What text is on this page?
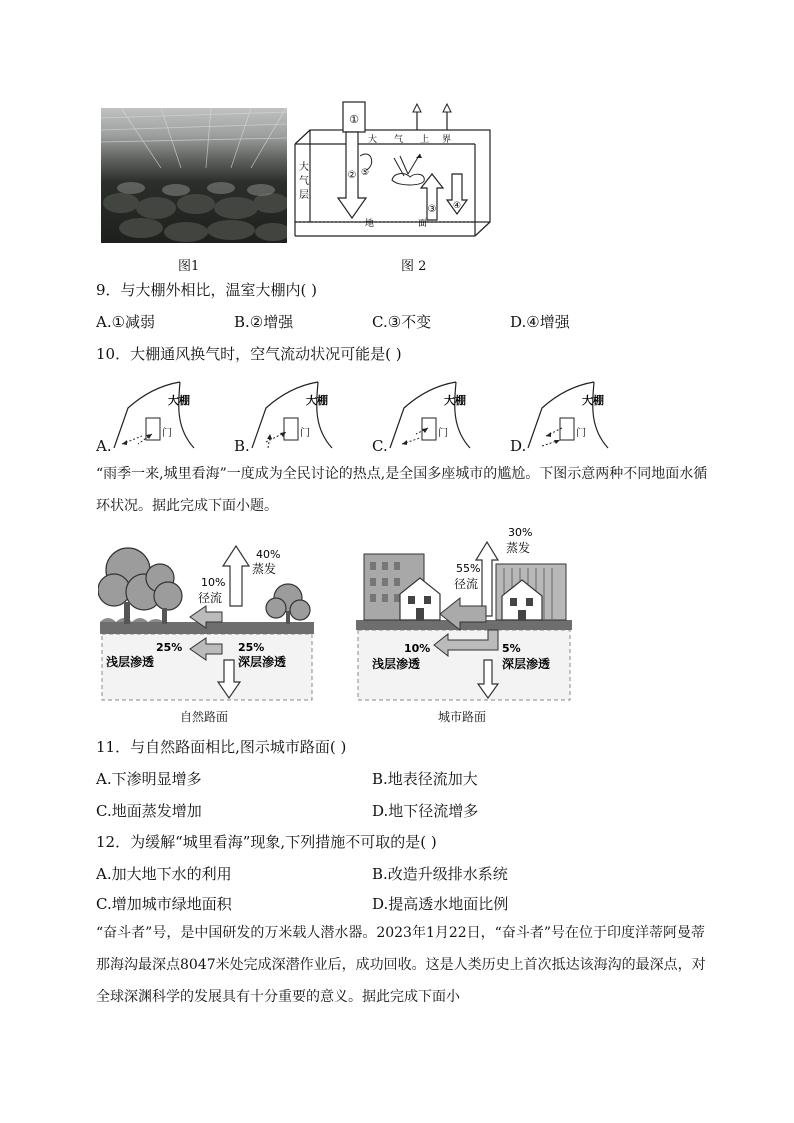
图1
①
大 气 上 界
大
气
层
地	面
② ⑤
③ ④
图 2
9．与大棚外相比，温室大棚内( )
A.①减弱	B.②增强	C.③不变	D.④增强
10．大棚通风换气时，空气流动状况可能是( )
A.
大棚
门
B.
大棚
门
C.
大棚
门
D.
大棚
门
“雨季一来,城里看海”一度成为全民讨论的热点,是全国多座城市的尴尬。下图示意两种不同地面水循环状况。据此完成下面小题。
40%
蒸发
10%
径流
25%
浅层渗透
25%
深层渗透
自然路面
30%
蒸发
55%
径流
10%
浅层渗透
5%
深层渗透
城市路面
11．与自然路面相比,图示城市路面( )
A.下渗明显增多	B.地表径流加大
C.地面蒸发增加	D.地下径流增多
12．为缓解“城里看海”现象,下列措施不可取的是( )
A.加大地下水的利用	B.改造升级排水系统
C.增加城市绿地面积	D.提高透水地面比例
“奋斗者”号，是中国研发的万米载人潜水器。2023年1月22日，“奋斗者”号在位于印度洋蒂阿曼蒂那海沟最深点8047米处完成深潜作业后，成功回收。这是人类历史上首次抵达该海沟的最深点，对全球深渊科学的发展具有十分重要的意义。据此完成下面小
